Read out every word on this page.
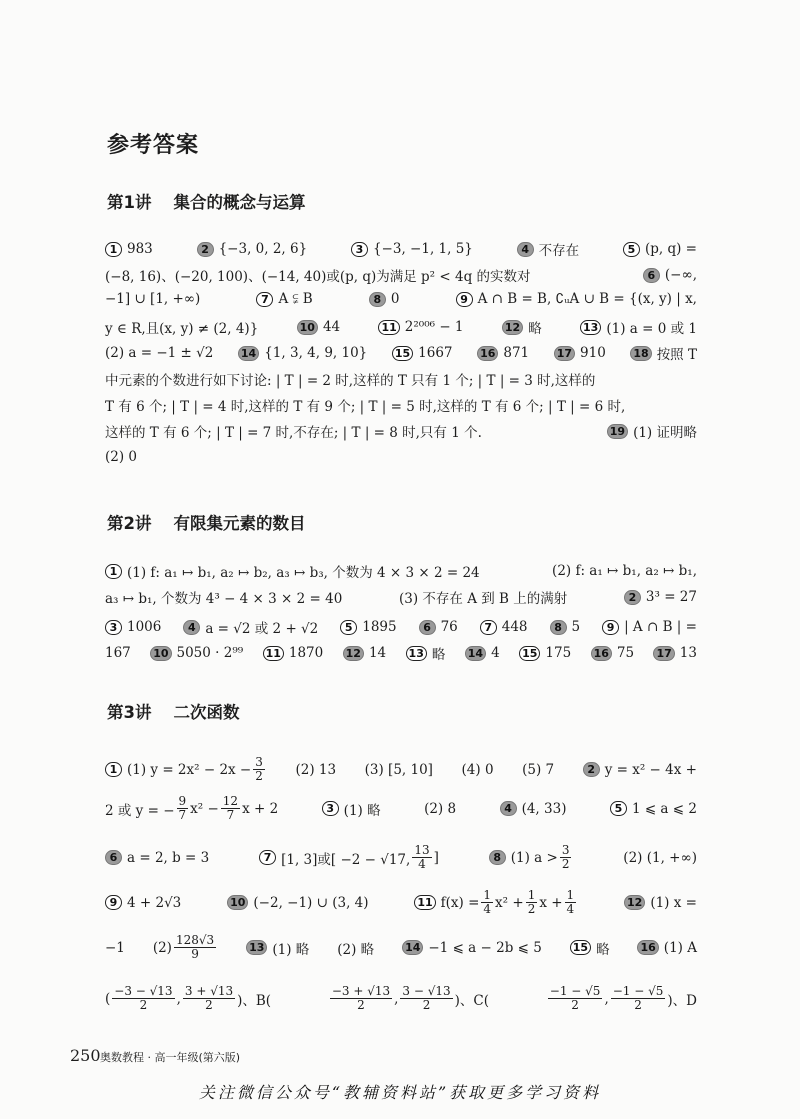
参考答案
第1讲 集合的概念与运算
1 983	2 {−3, 0, 2, 6}	3 {−3, −1, 1, 5}	4 不存在	5 (p, q) =
(−8, 16)、(−20, 100)、(−14, 40)或(p, q)为满足 p² < 4q 的实数对	6 (−∞,
−1] ∪ [1, +∞)	7 A ⫋ B	8 0	9 A ∩ B = B, ∁ᵤA ∪ B = {(x, y) | x,
y ∈ R,且(x, y) ≠ (2, 4)}	10 44	11 2²⁰⁰⁶ − 1	12 略	13 (1) a = 0 或 1
(2) a = −1 ± √2	14 {1, 3, 4, 9, 10}	15 1667	16 871	17 910	18 按照 T
中元素的个数进行如下讨论: | T | = 2 时,这样的 T 只有 1 个; | T | = 3 时,这样的
T 有 6 个; | T | = 4 时,这样的 T 有 9 个; | T | = 5 时,这样的 T 有 6 个; | T | = 6 时,
这样的 T 有 6 个; | T | = 7 时,不存在; | T | = 8 时,只有 1 个.	19 (1) 证明略
(2) 0
第2讲 有限集元素的数目
1 (1) f: a₁ ↦ b₁, a₂ ↦ b₂, a₃ ↦ b₃, 个数为 4 × 3 × 2 = 24	(2) f: a₁ ↦ b₁, a₂ ↦ b₁,
a₃ ↦ b₁, 个数为 4³ − 4 × 3 × 2 = 40	(3) 不存在 A 到 B 上的满射	2 3³ = 27
3 1006	4 a = √2 或 2 + √2	5 1895	6 76	7 448	8 5	9 | A ∩ B | =
167 10 5050 · 2⁹⁹ 11 1870 12 14 13 略 14 4 15 175 16 75 17 13
第3讲 二次函数
1 (1) $y = 2x^2 - 2x - \frac{3}{2} (2)$ 13 (3) [5, 10] (4) 0 (5) 7	2 y = x² − 4x +
2 或 y = − $\frac{9}{7} x^2 - \frac{12}{7}$ x + 2	3 (1) 略	(2) 8	4 (4, 33)	5 1 ⩽ a ⩽ 2
6 a = 2, b = 3	7 [1, 3]或[ −2 − √17, $\frac{13}{4}$ ]	8 (1) $a > \frac{3}{2}$	(2) (1, +∞)
9 4 + 2√3	10 (−2, −1) ∪ (3, 4)	11 $f(x) = \frac{1}{4} x^2 + \frac{1}{2}$ $x + \frac{1}{4}$	12 (1) x =
−1 $(2) \frac{128√3}{9}$	13 (1) 略 (2) 略	14 −1 ⩽ a − 2b ⩽ 5	15 略	16 (1) A
( $\frac{-3 - √13}{2}$ , $\frac{3 + √13}{2}$ )、B(	$\frac{-3 + √13}{2}$ , $\frac{3 - √13}{2}$ )、C(	$\frac{-1 - √5}{2}$ , $\frac{-1 - √5}{2}$ )、D
250 奥数教程 · 高一年级(第六版)
关注微信公众号“教辅资料站”获取更多学习资料
